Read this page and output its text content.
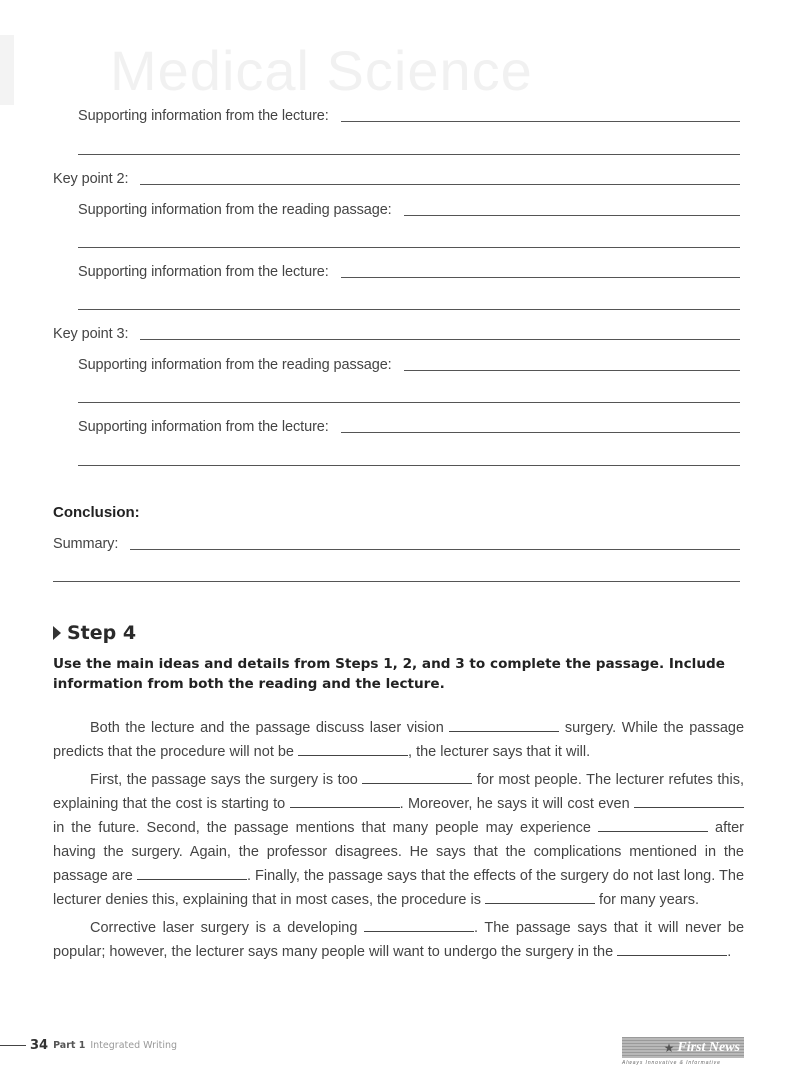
Medical Science
Supporting information from the lecture:
Key point 2:
Supporting information from the reading passage:
Supporting information from the lecture:
Key point 3:
Supporting information from the reading passage:
Supporting information from the lecture:
Conclusion:
Summary:
Step 4
Use the main ideas and details from Steps 1, 2, and 3 to complete the passage. Include information from both the reading and the lecture.

Both the lecture and the passage discuss laser vision	surgery. While the passage predicts that the procedure will not be	, the lecturer says that it will.

First, the passage says the surgery is too	for most people. The lecturer refutes this, explaining that the cost is starting to	. Moreover, he says it will cost even  in the future. Second, the passage mentions that many people may experience	after having the surgery. Again, the professor disagrees. He says that the complications mentioned in the passage are	. Finally, the passage says that the effects of the surgery do not last long. The lecturer denies this, explaining that in most cases, the procedure is	for many years.

Corrective laser surgery is a developing	. The passage says that it will never be popular; however, the lecturer says many people will want to undergo the surgery in the	.

34 Part 1 Integrated Writing	★ First News
Always Innovative & Informative
